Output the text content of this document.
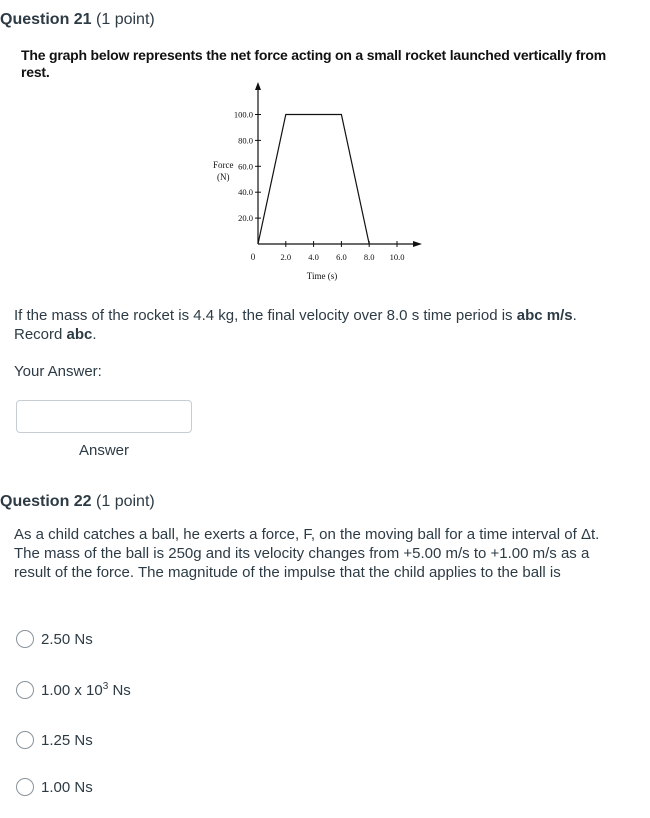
Question 21 (1 point)
The graph below represents the net force acting on a small rocket launched vertically from rest.
Force
(N)
Time (s)
0
20.0
40.0
60.0
80.0
100.0
2.0 4.0 6.0 8.0 10.0
If the mass of the rocket is 4.4 kg, the final velocity over 8.0 s time period is abc m/s. Record abc.
Your Answer:
Answer
Question 22 (1 point)
As a child catches a ball, he exerts a force, F, on the moving ball for a time interval of Δt. The mass of the ball is 250g and its velocity changes from +5.00 m/s to +1.00 m/s as a result of the force. The magnitude of the impulse that the child applies to the ball is
2.50 Ns
1.00 x $10^3$ Ns
1.25 Ns
1.00 Ns
